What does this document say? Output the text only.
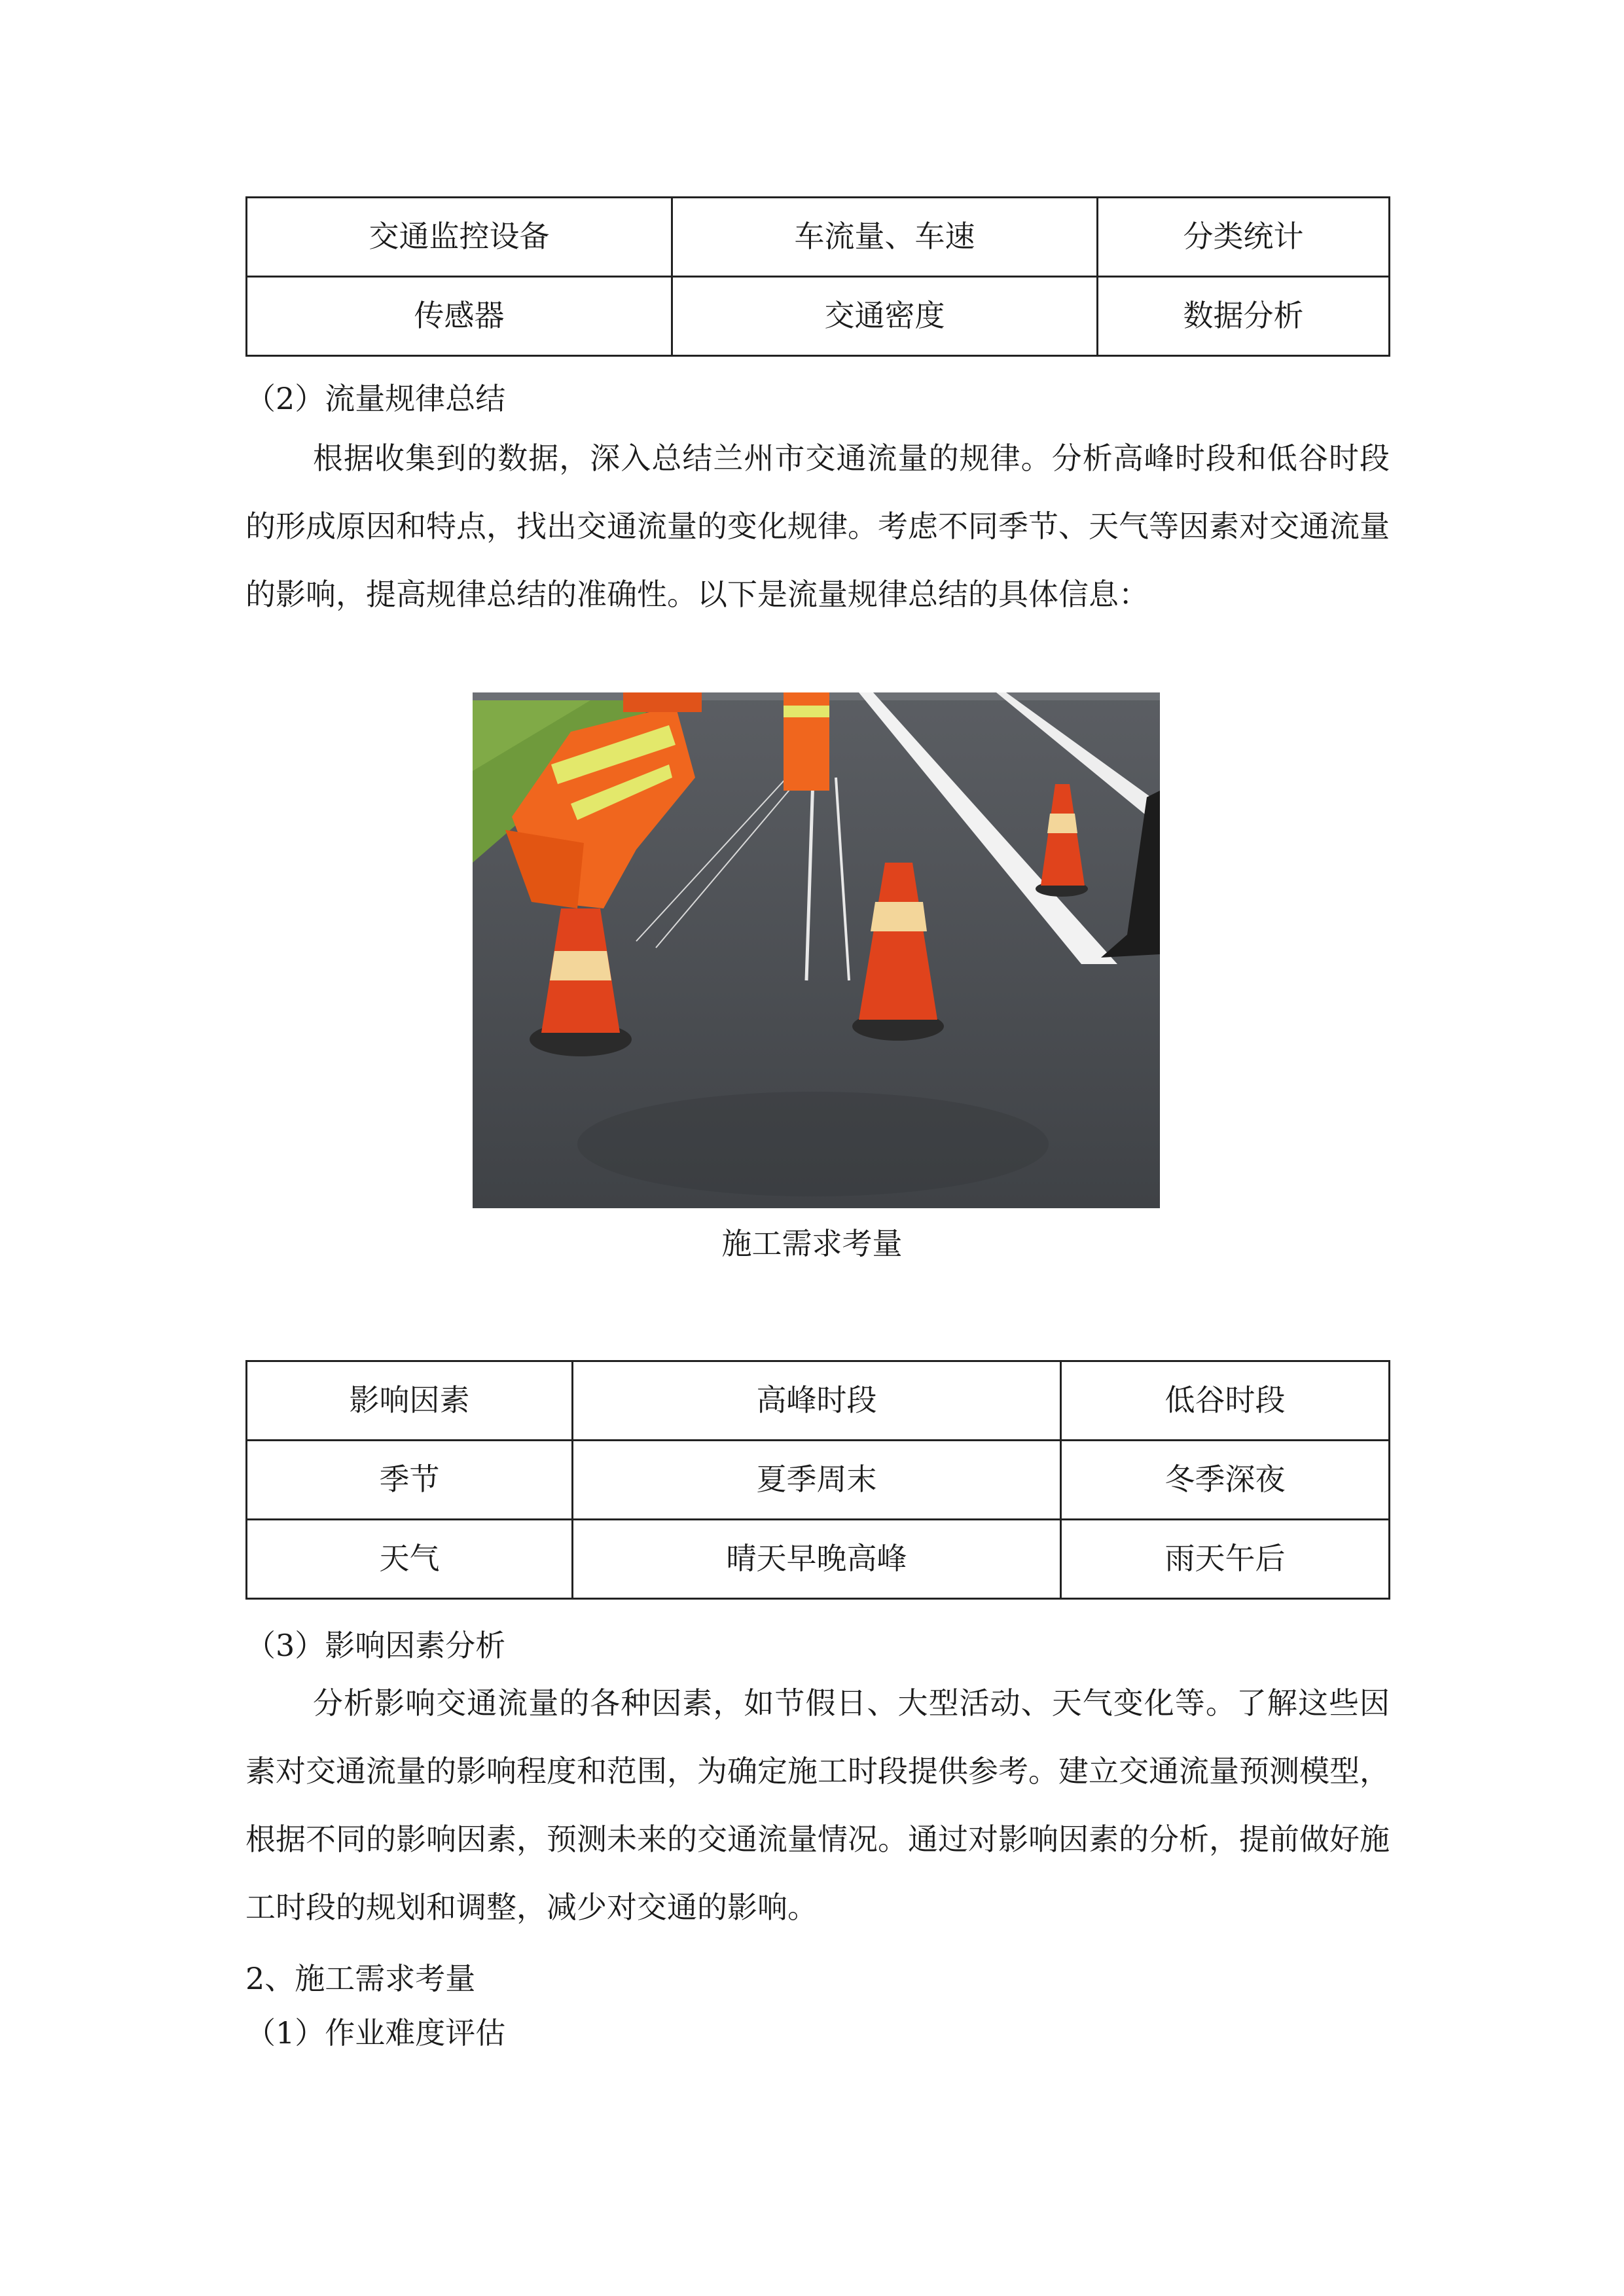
交通监控设备	车流量、车速	分类统计
传感器	交通密度	数据分析
（2）流量规律总结

根据收集到的数据，深入总结兰州市交通流量的规律。分析高峰时段和低谷时段的形成原因和特点，找出交通流量的变化规律。考虑不同季节、天气等因素对交通流量的影响，提高规律总结的准确性。以下是流量规律总结的具体信息：

施工需求考量
影响因素	高峰时段	低谷时段
季节	夏季周末	冬季深夜
天气	晴天早晚高峰	雨天午后
（3）影响因素分析

分析影响交通流量的各种因素，如节假日、大型活动、天气变化等。了解这些因素对交通流量的影响程度和范围，为确定施工时段提供参考。建立交通流量预测模型，根据不同的影响因素，预测未来的交通流量情况。通过对影响因素的分析，提前做好施工时段的规划和调整，减少对交通的影响。

2、施工需求考量
（1）作业难度评估
